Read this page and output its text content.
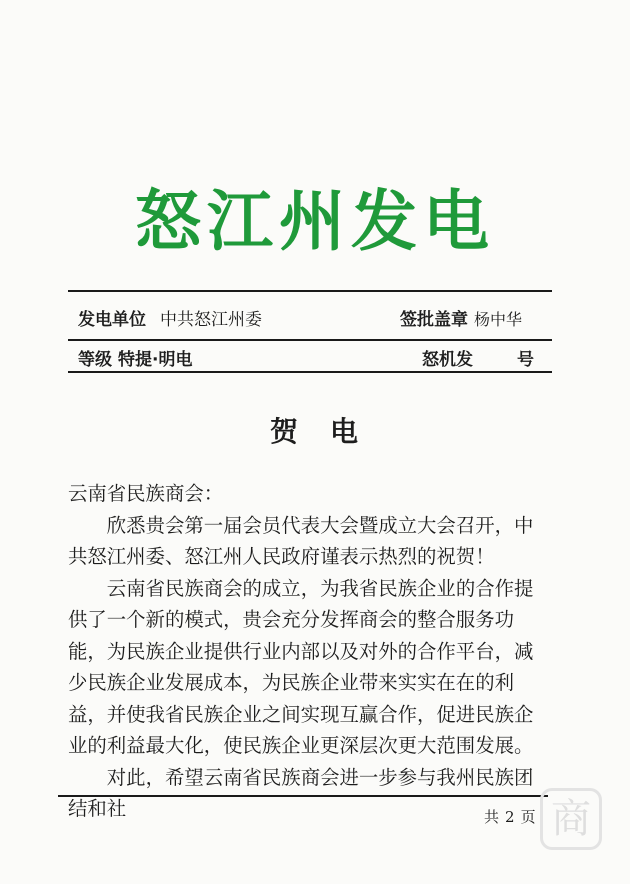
怒江州发电
发电单位 中共怒江州委	签批盖章 杨中华
等级 特提·明电	怒机发	号
贺　电

云南省民族商会：

欣悉贵会第一届会员代表大会暨成立大会召开，中共怒江州委、怒江州人民政府谨表示热烈的祝贺！

云南省民族商会的成立，为我省民族企业的合作提供了一个新的模式，贵会充分发挥商会的整合服务功能，为民族企业提供行业内部以及对外的合作平台，减少民族企业发展成本，为民族企业带来实实在在的利益，并使我省民族企业之间实现互赢合作，促进民族企业的利益最大化，使民族企业更深层次更大范围发展。

对此，希望云南省民族商会进一步参与我州民族团结和社	共 2 页 商
